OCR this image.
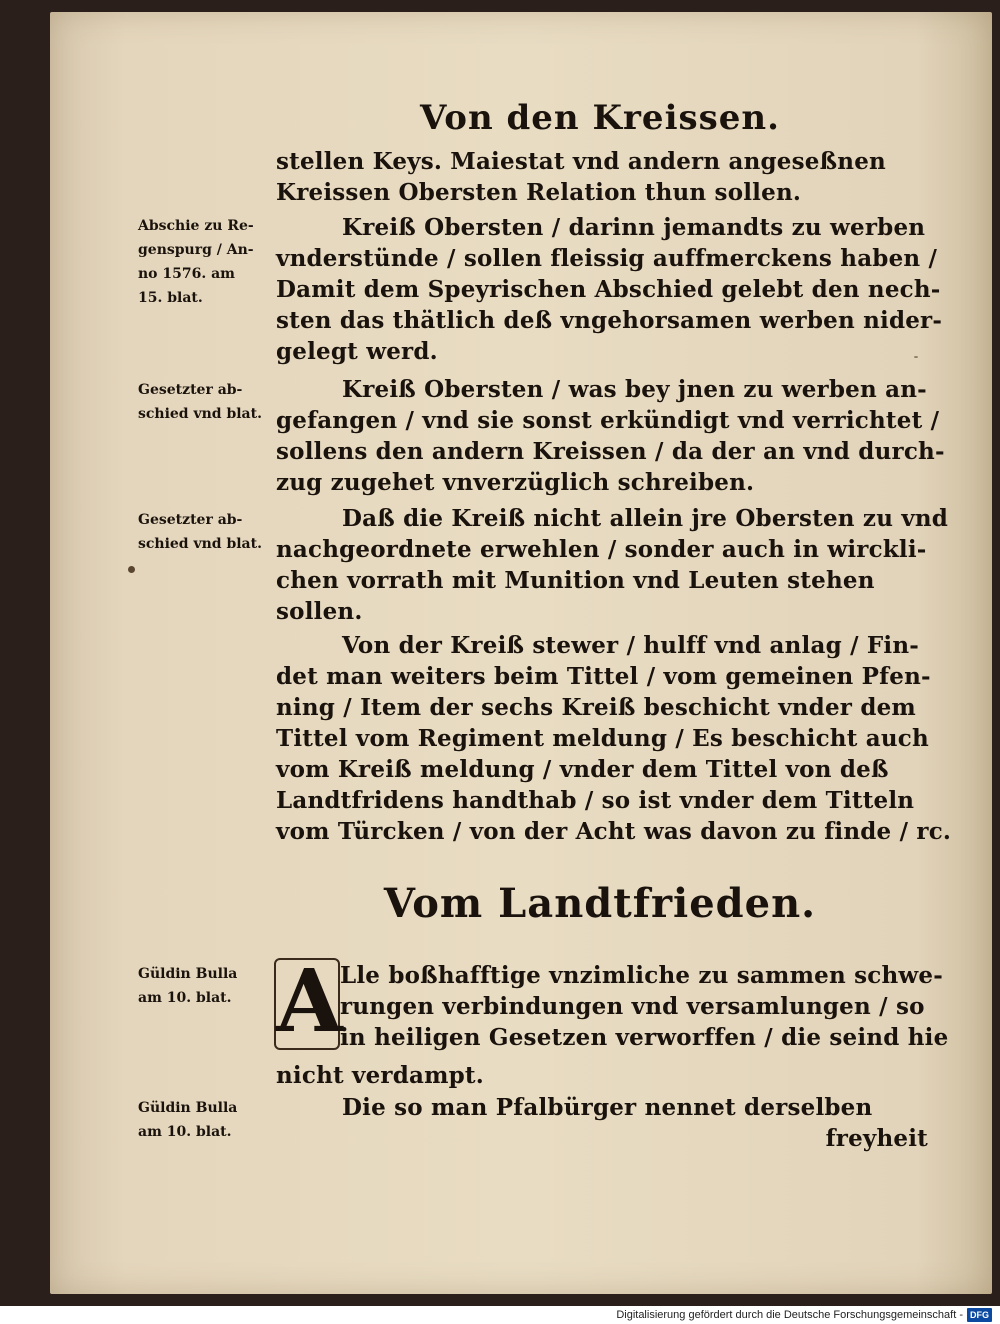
Von den Kreissen.
stellen Keys. Maiestat vnd andern angeseßnen
Kreissen Obersten Relation thun sollen.
Abschie zu Re-
genspurg / An-
no 1576. am
15. blat.
Kreiß Obersten / darinn jemandts zu werben
vnderstünde / sollen fleissig auffmerckens haben /
Damit dem Speyrischen Abschied gelebt den nech-
sten das thätlich deß vngehorsamen werben nider-
gelegt werd.
Gesetzter ab-
schied vnd blat.
Kreiß Obersten / was bey jnen zu werben an-
gefangen / vnd sie sonst erkündigt vnd verrichtet /
sollens den andern Kreissen / da der an vnd durch-
zug zugehet vnverzüglich schreiben.
Gesetzter ab-
schied vnd blat.
Daß die Kreiß nicht allein jre Obersten zu vnd
nachgeordnete erwehlen / sonder auch in wirckli-
chen vorrath mit Munition vnd Leuten stehen
sollen.
Von der Kreiß stewer / hulff vnd anlag / Fin-
det man weiters beim Tittel / vom gemeinen Pfen-
ning / Item der sechs Kreiß beschicht vnder dem
Tittel vom Regiment meldung / Es beschicht auch
vom Kreiß meldung / vnder dem Tittel von deß
Landtfridens handthab / so ist vnder dem Titteln
vom Türcken / von der Acht was davon zu finde / rc.
Vom Landtfrieden.
Güldin Bulla
am 10. blat. A
Lle boßhafftige vnzimliche zu sammen schwe-
rungen verbindungen vnd versamlungen / so
in heiligen Gesetzen verworffen / die seind hie
nicht verdampt.
Güldin Bulla
am 10. blat.
Die so man Pfalbürger nennet derselben
freyheit
Digitalisierung gefördert durch die Deutsche Forschungsgemeinschaft - DFG
